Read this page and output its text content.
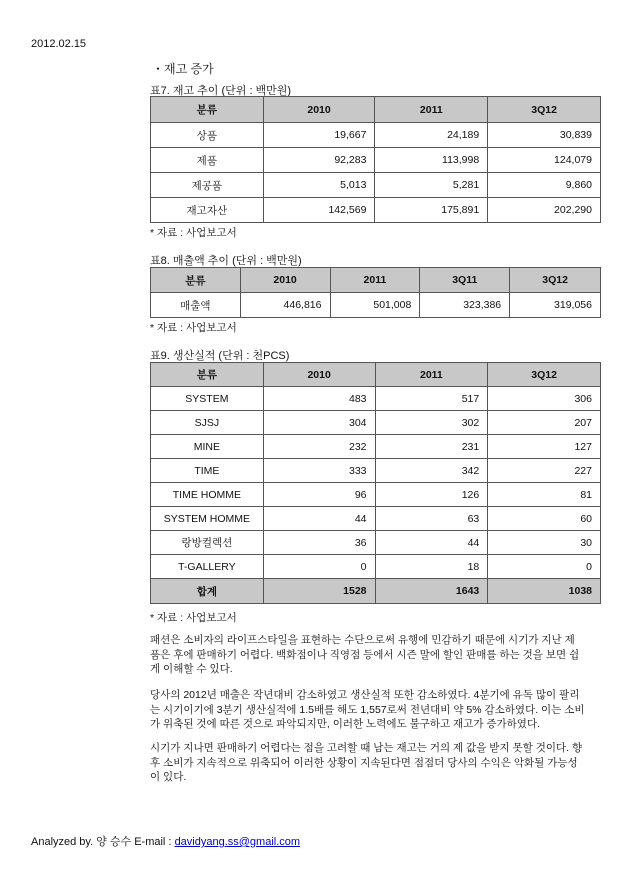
2012.02.15
・재고 증가
표7. 재고 추이 (단위 : 백만원)
분류	2010	2011	3Q12
상품	19,667	24,189	30,839
제품	92,283	113,998	124,079
제공품	5,013	5,281	9,860
재고자산	142,569	175,891	202,290
* 자료 : 사업보고서
표8. 매출액 추이 (단위 : 백만원)
분류	2010	2011	3Q11	3Q12
매출액	446,816	501,008	323,386	319,056
* 자료 : 사업보고서
표9. 생산실적 (단위 : 천PCS)
분류	2010	2011	3Q12
SYSTEM	483	517	306
SJSJ	304	302	207
MINE	232	231	127
TIME	333	342	227
TIME HOMME	96	126	81
SYSTEM HOMME	44	63	60
랑방컬렉션	36	44	30
T-GALLERY	0	18	0
합계	1528	1643	1038
* 자료 : 사업보고서
패션은 소비자의 라이프스타일을 표현하는 수단으로써 유행에 민감하기 때문에 시기가 지난 제
품은 후에 판매하기 어렵다. 백화점이나 직영점 등에서 시즌 말에 할인 판매를 하는 것을 보면 쉽
게 이해할 수 있다.
당사의 2012년 매출은 작년대비 감소하였고 생산실적 또한 감소하였다. 4분기에 유독 많이 팔리
는 시기이기에 3분기 생산실적에 1.5배를 해도 1,557로써 전년대비 약 5% 감소하였다. 이는 소비
가 위축된 것에 따른 것으로 파악되지만, 이러한 노력에도 불구하고 재고가 증가하였다.
시기가 지나면 판매하기 어렵다는 점을 고려할 때 남는 재고는 거의 제 값을 받지 못할 것이다. 향
후 소비가 지속적으로 위축되어 이러한 상황이 지속된다면 점점더 당사의 수익은 악화될 가능성
이 있다.
Analyzed by. 양 승수 E-mail : davidyang.ss@gmail.com
